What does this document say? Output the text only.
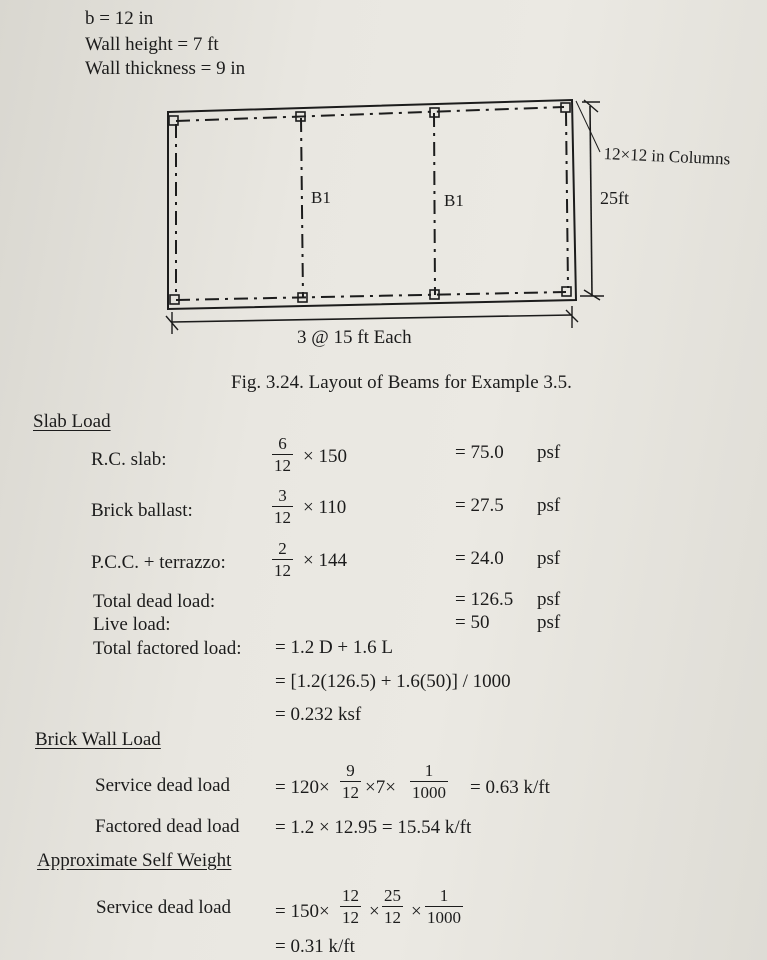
b = 12 in
Wall height = 7 ft
Wall thickness = 9 in
B1	B1
12×12 in Columns
25ft
3 @ 15 ft Each
Fig. 3.24. Layout of Beams for Example 3.5.
Slab Load
R.C. slab:	$\frac{6}{12} \times 150$	= 75.0 psf
Brick ballast:	$\frac{3}{12} \times 110$	= 27.5 psf
P.C.C. + terrazzo:	$\frac{2}{12} \times 144$	= 24.0 psf
Total dead load:	= 126.5 psf
Live load:	= 50	psf
Total factored load: = 1.2 D + 1.6 L
= [1.2(126.5) + 1.6(50)] / 1000
= 0.232 ksf
Brick Wall Load
Service dead load = $120\times \frac{9}{12} \times 7\times \frac{1}{1000} = 0.63$ k/ft
Factored dead load = 1.2 × 12.95 = 15.54 k/ft
Approximate Self Weight
Service dead load = $150\times \frac{12}{12} \times \frac{25}{12} \times \frac{1}{1000}$
= 0.31 k/ft
